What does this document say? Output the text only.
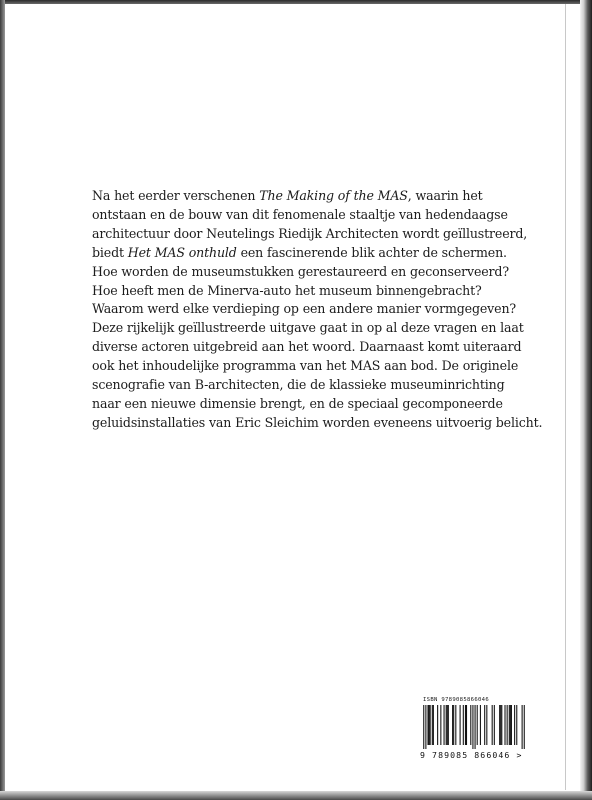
Na het eerder verschenen The Making of the MAS, waarin het
ontstaan en de bouw van dit fenomenale staaltje van hedendaagse
architectuur door Neutelings Riedijk Architecten wordt geïllustreerd,
biedt Het MAS onthuld een fascinerende blik achter de schermen.
Hoe worden de museumstukken gerestaureerd en geconserveerd?
Hoe heeft men de Minerva-auto het museum binnengebracht?
Waarom werd elke verdieping op een andere manier vormgegeven?
Deze rijkelijk geïllustreerde uitgave gaat in op al deze vragen en laat
diverse actoren uitgebreid aan het woord. Daarnaast komt uiteraard
ook het inhoudelijke programma van het MAS aan bod. De originele
scenografie van B-architecten, die de klassieke museuminrichting
naar een nieuwe dimensie brengt, en de speciaal gecomponeerde
geluidsinstallaties van Eric Sleichim worden eveneens uitvoerig belicht.

ISBN 9789085866046
9 789085 866046 >
